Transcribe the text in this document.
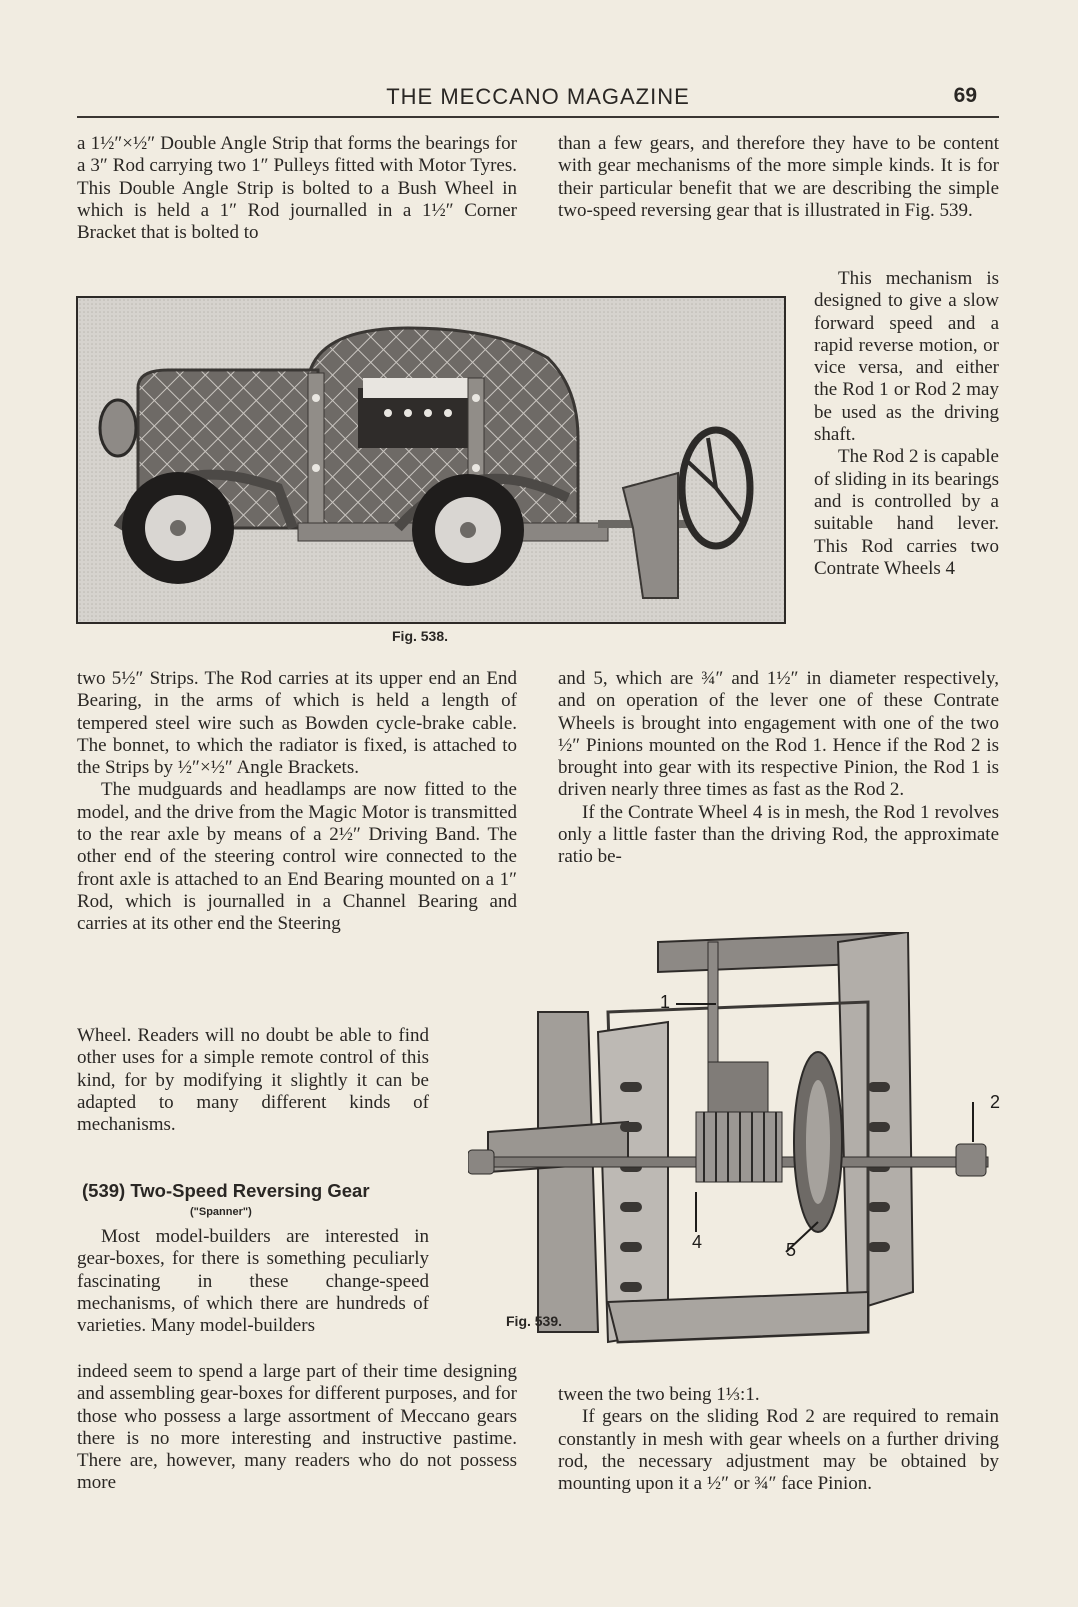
THE MECCANO MAGAZINE	69

a 1½″×½″ Double Angle Strip that forms the bearings for a 3″ Rod carrying two 1″ Pulleys fitted with Motor Tyres. This Double Angle Strip is bolted to a Bush Wheel in which is held a 1″ Rod journalled in a 1½″ Corner Bracket that is bolted to

than a few gears, and therefore they have to be content with gear mechanisms of the more simple kinds. It is for their particular benefit that we are describing the simple two-speed reversing gear that is illustrated in Fig. 539.

Fig. 538.

This mechanism is designed to give a slow forward speed and a rapid reverse motion, or vice versa, and either the Rod 1 or Rod 2 may be used as the driving shaft.

The Rod 2 is capable of sliding in its bearings and is controlled by a suitable hand lever. This Rod carries two Contrate Wheels 4

two 5½″ Strips. The Rod carries at its upper end an End Bearing, in the arms of which is held a length of tempered steel wire such as Bowden cycle-brake cable. The bonnet, to which the radiator is fixed, is attached to the Strips by ½″×½″ Angle Brackets.

The mudguards and headlamps are now fitted to the model, and the drive from the Magic Motor is transmitted to the rear axle by means of a 2½″ Driving Band. The other end of the steering control wire connected to the front axle is attached to an End Bearing mounted on a 1″ Rod, which is journalled in a Channel Bearing and carries at its other end the Steering

Wheel. Readers will no doubt be able to find other uses for a simple remote control of this kind, for by modifying it slightly it can be adapted to many different kinds of mechanisms.

and 5, which are ¾″ and 1½″ in diameter respectively, and on operation of the lever one of these Contrate Wheels is brought into engagement with one of the two ½″ Pinions mounted on the Rod 1. Hence if the Rod 2 is brought into gear with its respective Pinion, the Rod 1 is driven nearly three times as fast as the Rod 2.

If the Contrate Wheel 4 is in mesh, the Rod 1 revolves only a little faster than the driving Rod, the approximate ratio be-

(539) Two-Speed Reversing Gear
("Spanner")

Most model-builders are interested in gear-boxes, for there is something peculiarly fascinating in these change-speed mechanisms, of which there are hundreds of varieties. Many model-builders

indeed seem to spend a large part of their time designing and assembling gear-boxes for different purposes, and for those who possess a large assortment of Meccano gears there is no more interesting and instructive pastime. There are, however, many readers who do not possess more

1
2
4	5
Fig. 539.

tween the two being 1⅓:1.

If gears on the sliding Rod 2 are required to remain constantly in mesh with gear wheels on a further driving rod, the necessary adjustment may be obtained by mounting upon it a ½″ or ¾″ face Pinion.
